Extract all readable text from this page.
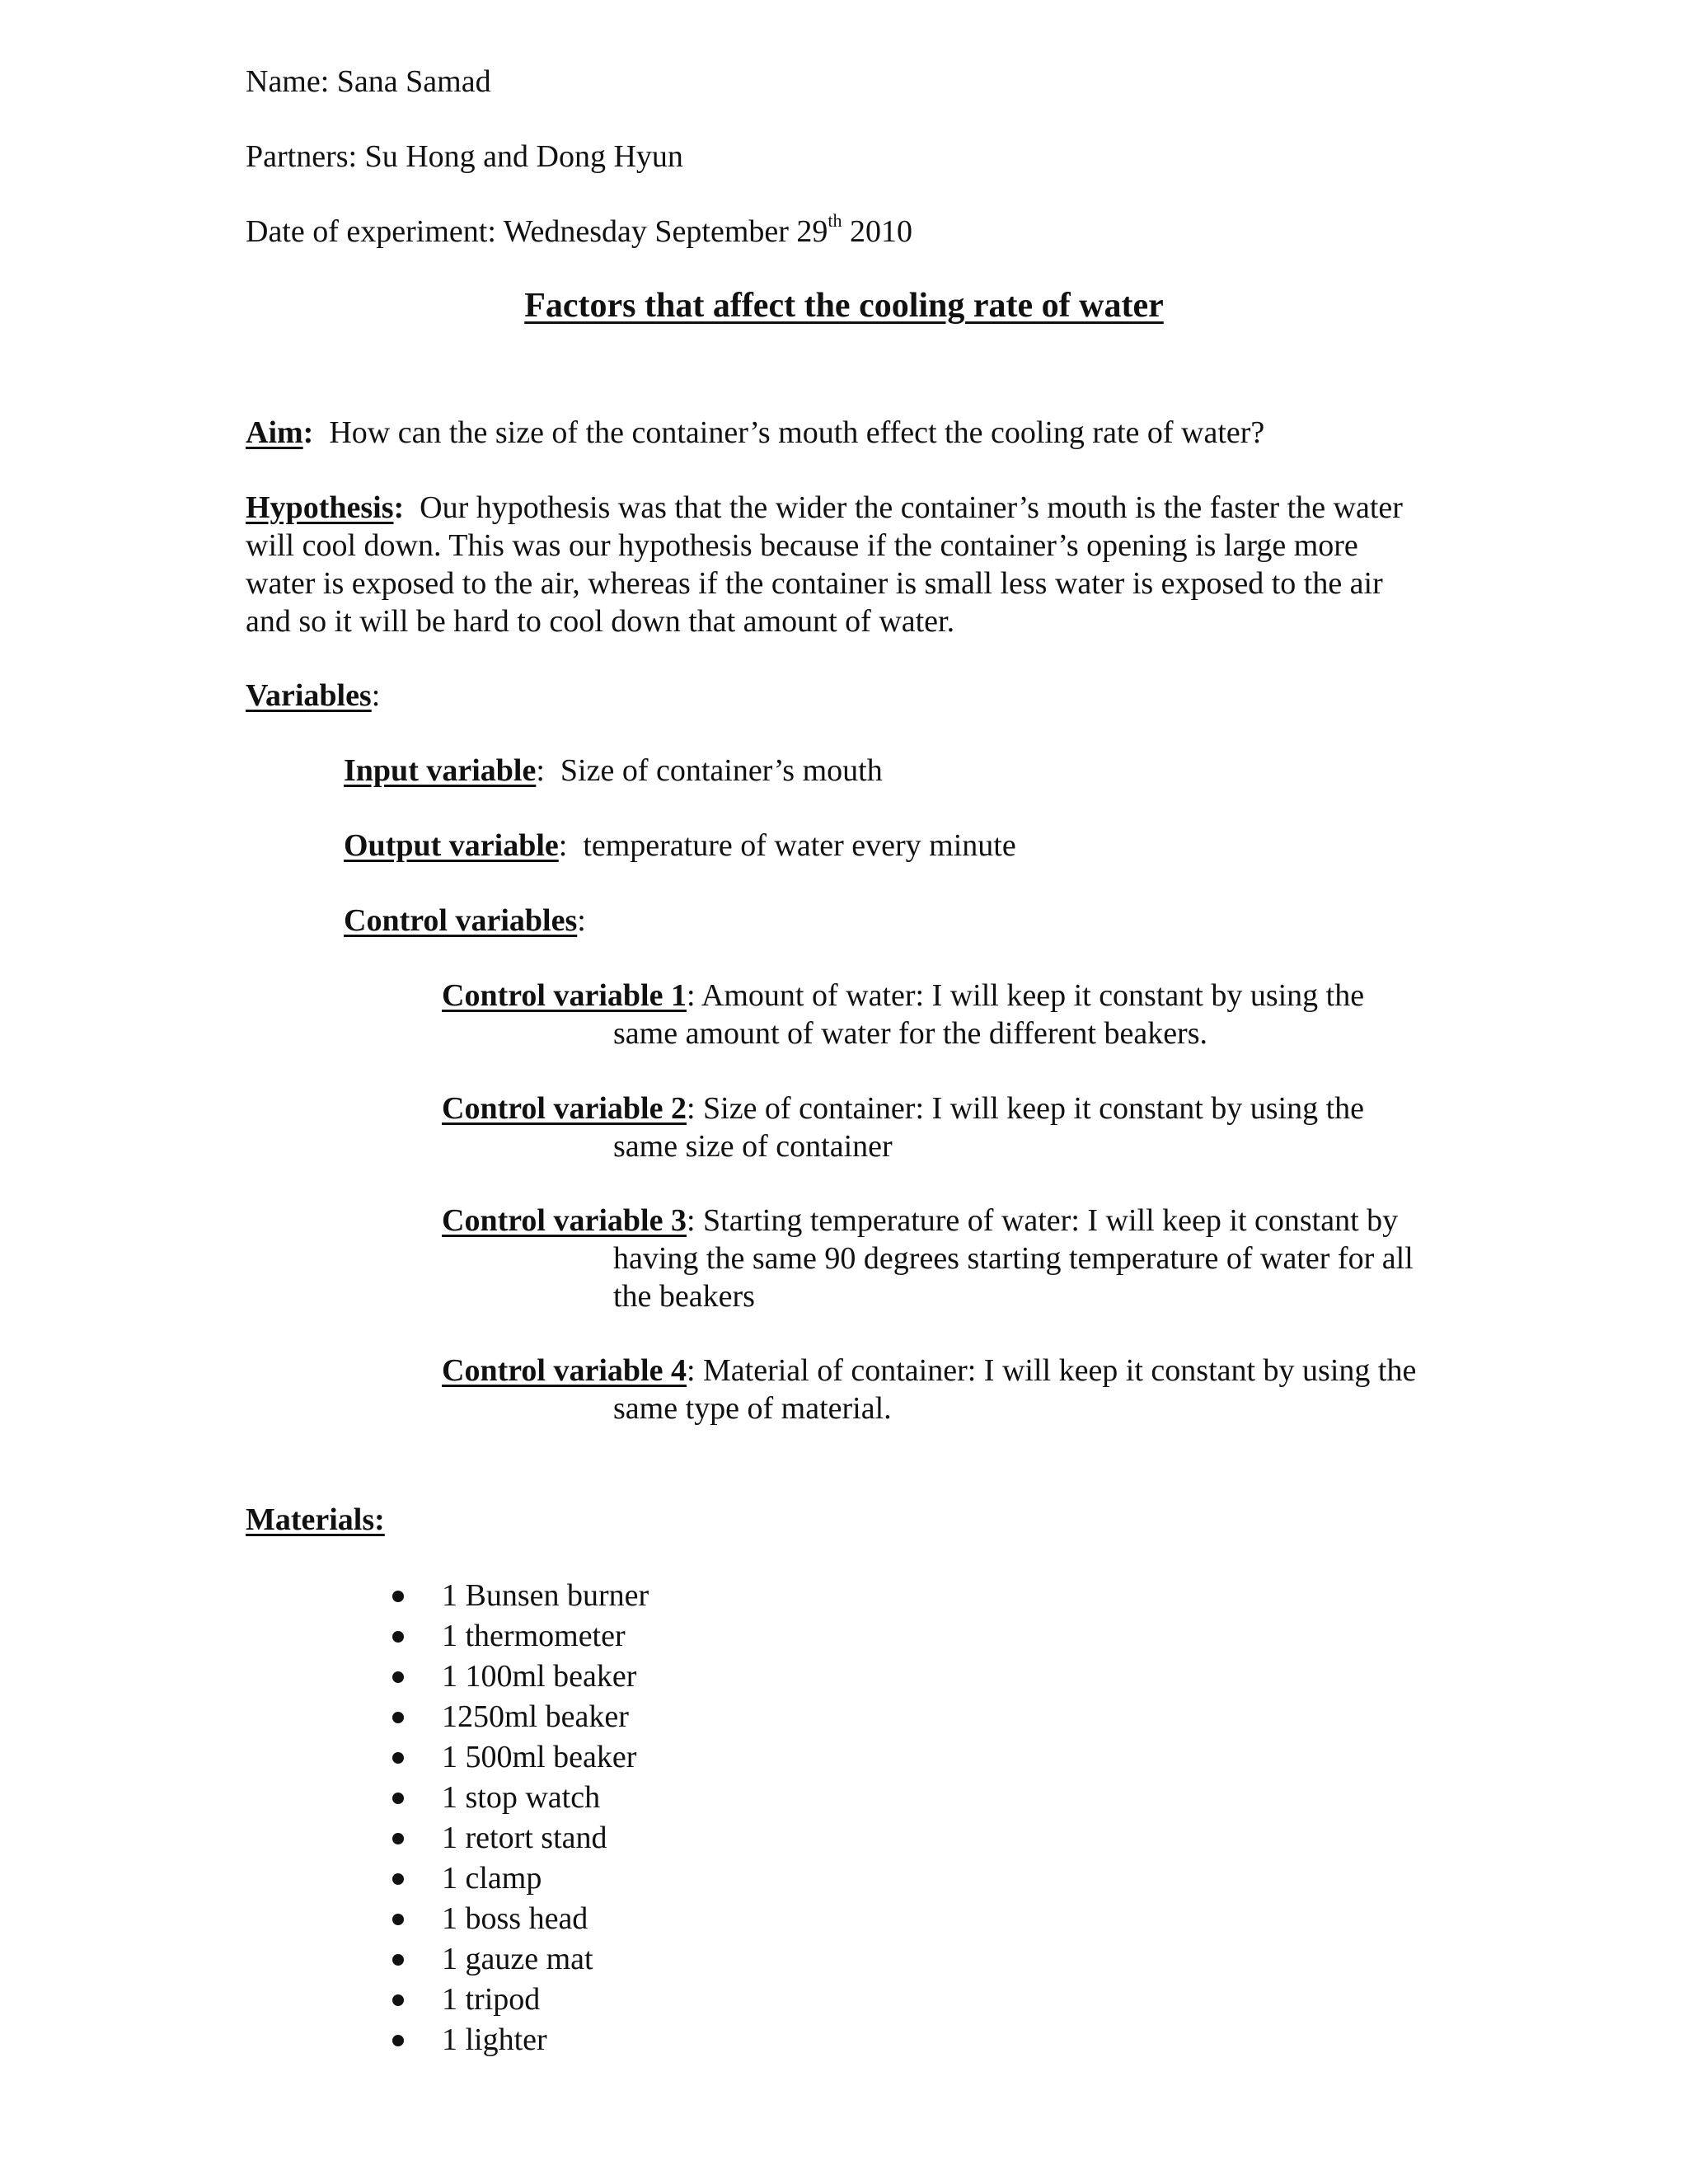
Name: Sana Samad
Partners: Su Hong and Dong Hyun
Date of experiment: Wednesday September 29th 2010
Factors that affect the cooling rate of water
Aim: How can the size of the container’s mouth effect the cooling rate of water?
Hypothesis: Our hypothesis was that the wider the container’s mouth is the faster the water
will cool down. This was our hypothesis because if the container’s opening is large more
water is exposed to the air, whereas if the container is small less water is exposed to the air
and so it will be hard to cool down that amount of water.
Variables:
Input variable: Size of container’s mouth
Output variable: temperature of water every minute
Control variables:
Control variable 1: Amount of water: I will keep it constant by using the
same amount of water for the different beakers.
Control variable 2: Size of container: I will keep it constant by using the
same size of container
Control variable 3: Starting temperature of water: I will keep it constant by
having the same 90 degrees starting temperature of water for all
the beakers
Control variable 4: Material of container: I will keep it constant by using the
same type of material.
Materials:
1 Bunsen burner
1 thermometer
1 100ml beaker
1250ml beaker
1 500ml beaker
1 stop watch
1 retort stand
1 clamp
1 boss head
1 gauze mat
1 tripod
1 lighter
